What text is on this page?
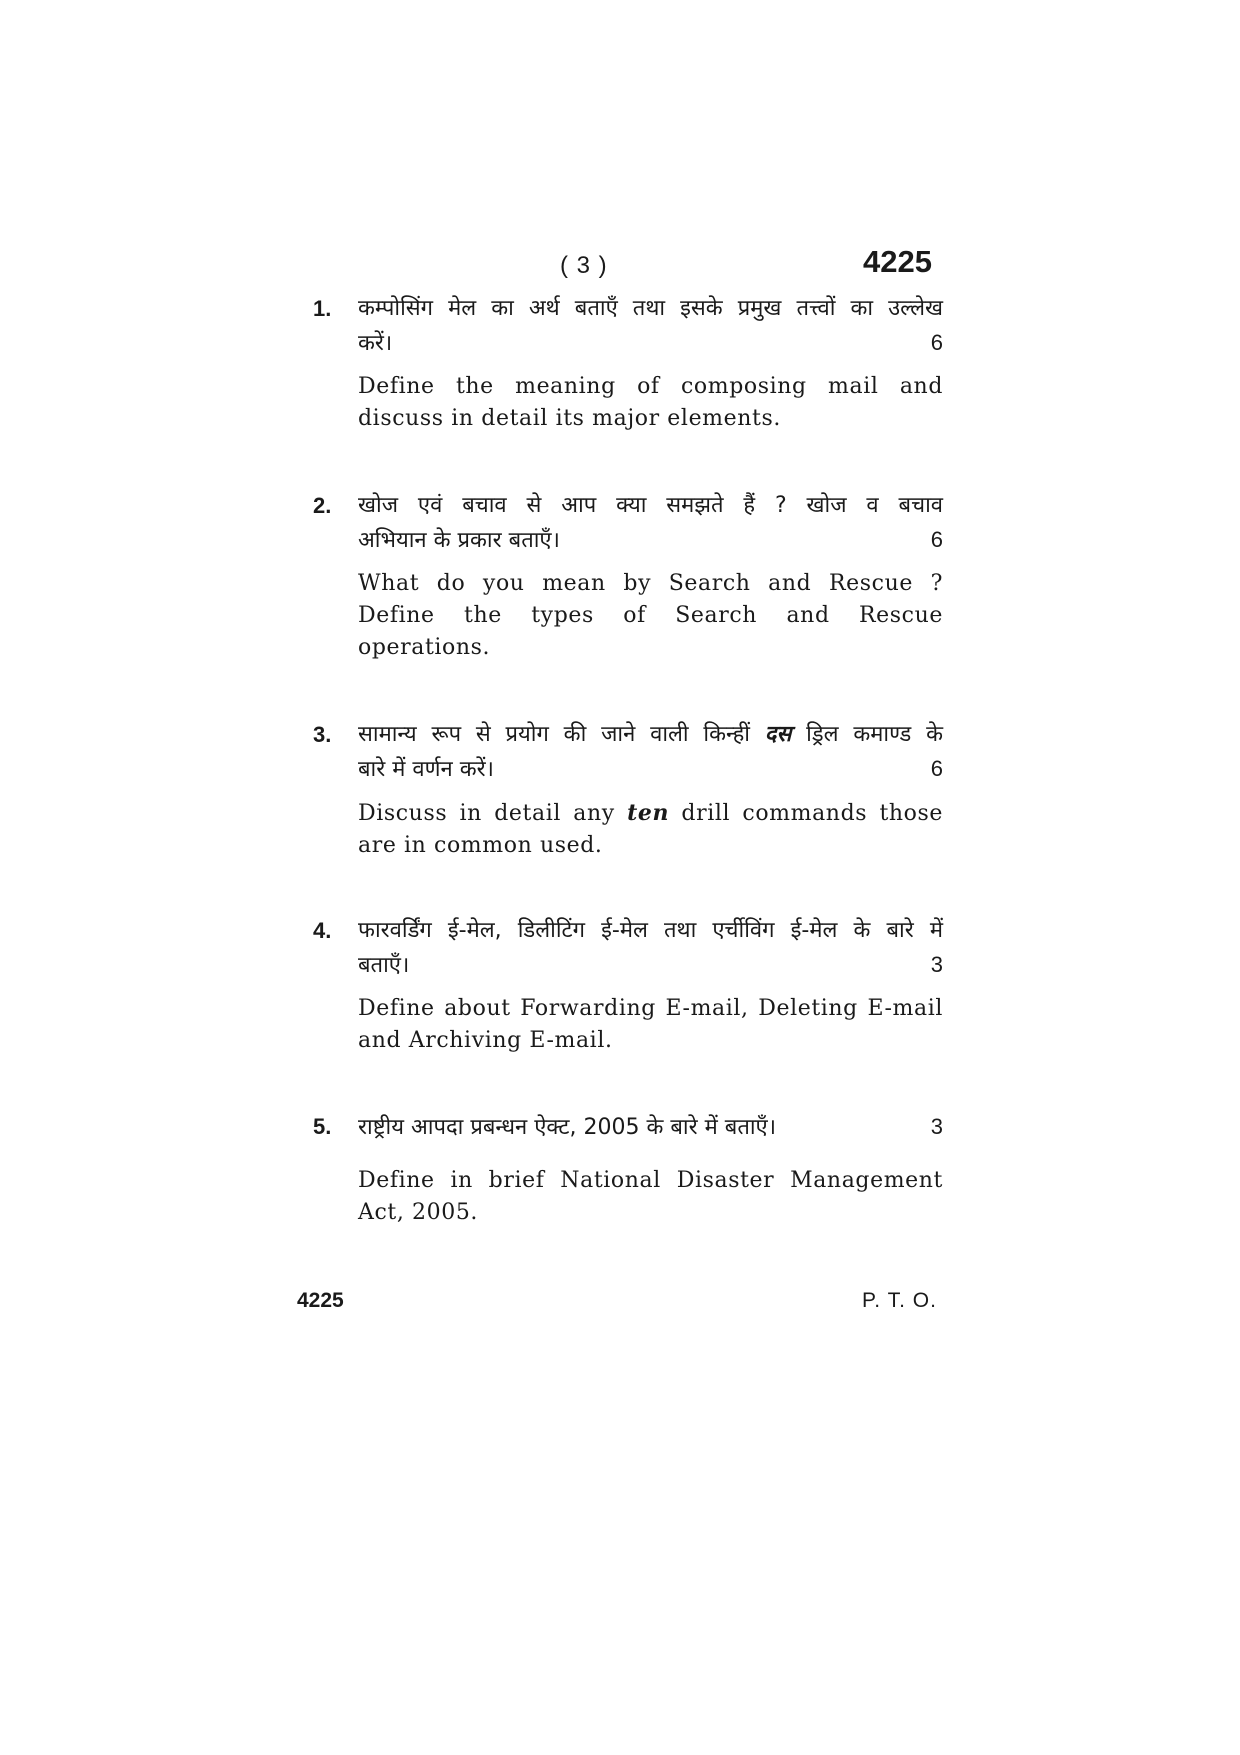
( 3 )	4225
1. कम्पोसिंग मेल का अर्थ बताएँ तथा इसके प्रमुख तत्त्वों का उल्लेख
करें।	6
Define the meaning of composing mail and discuss in detail its major elements.
2. खोज एवं बचाव से आप क्या समझते हैं ? खोज व बचाव
अभियान के प्रकार बताएँ।	6
What do you mean by Search and Rescue ? Define the types of Search and Rescue operations.
3. सामान्य रूप से प्रयोग की जाने वाली किन्हीं दस ड्रिल कमाण्ड के
बारे में वर्णन करें।	6
Discuss in detail any ten drill commands those are in common used.
4. फारवर्डिंग ई-मेल, डिलीटिंग ई-मेल तथा एर्चीविंग ई-मेल के बारे में
बताएँ।	3
Define about Forwarding E-mail, Deleting E-mail and Archiving E-mail.
5. राष्ट्रीय आपदा प्रबन्धन ऐक्ट, 2005 के बारे में बताएँ।	3
Define in brief National Disaster Management Act, 2005.
4225	P. T. O.
